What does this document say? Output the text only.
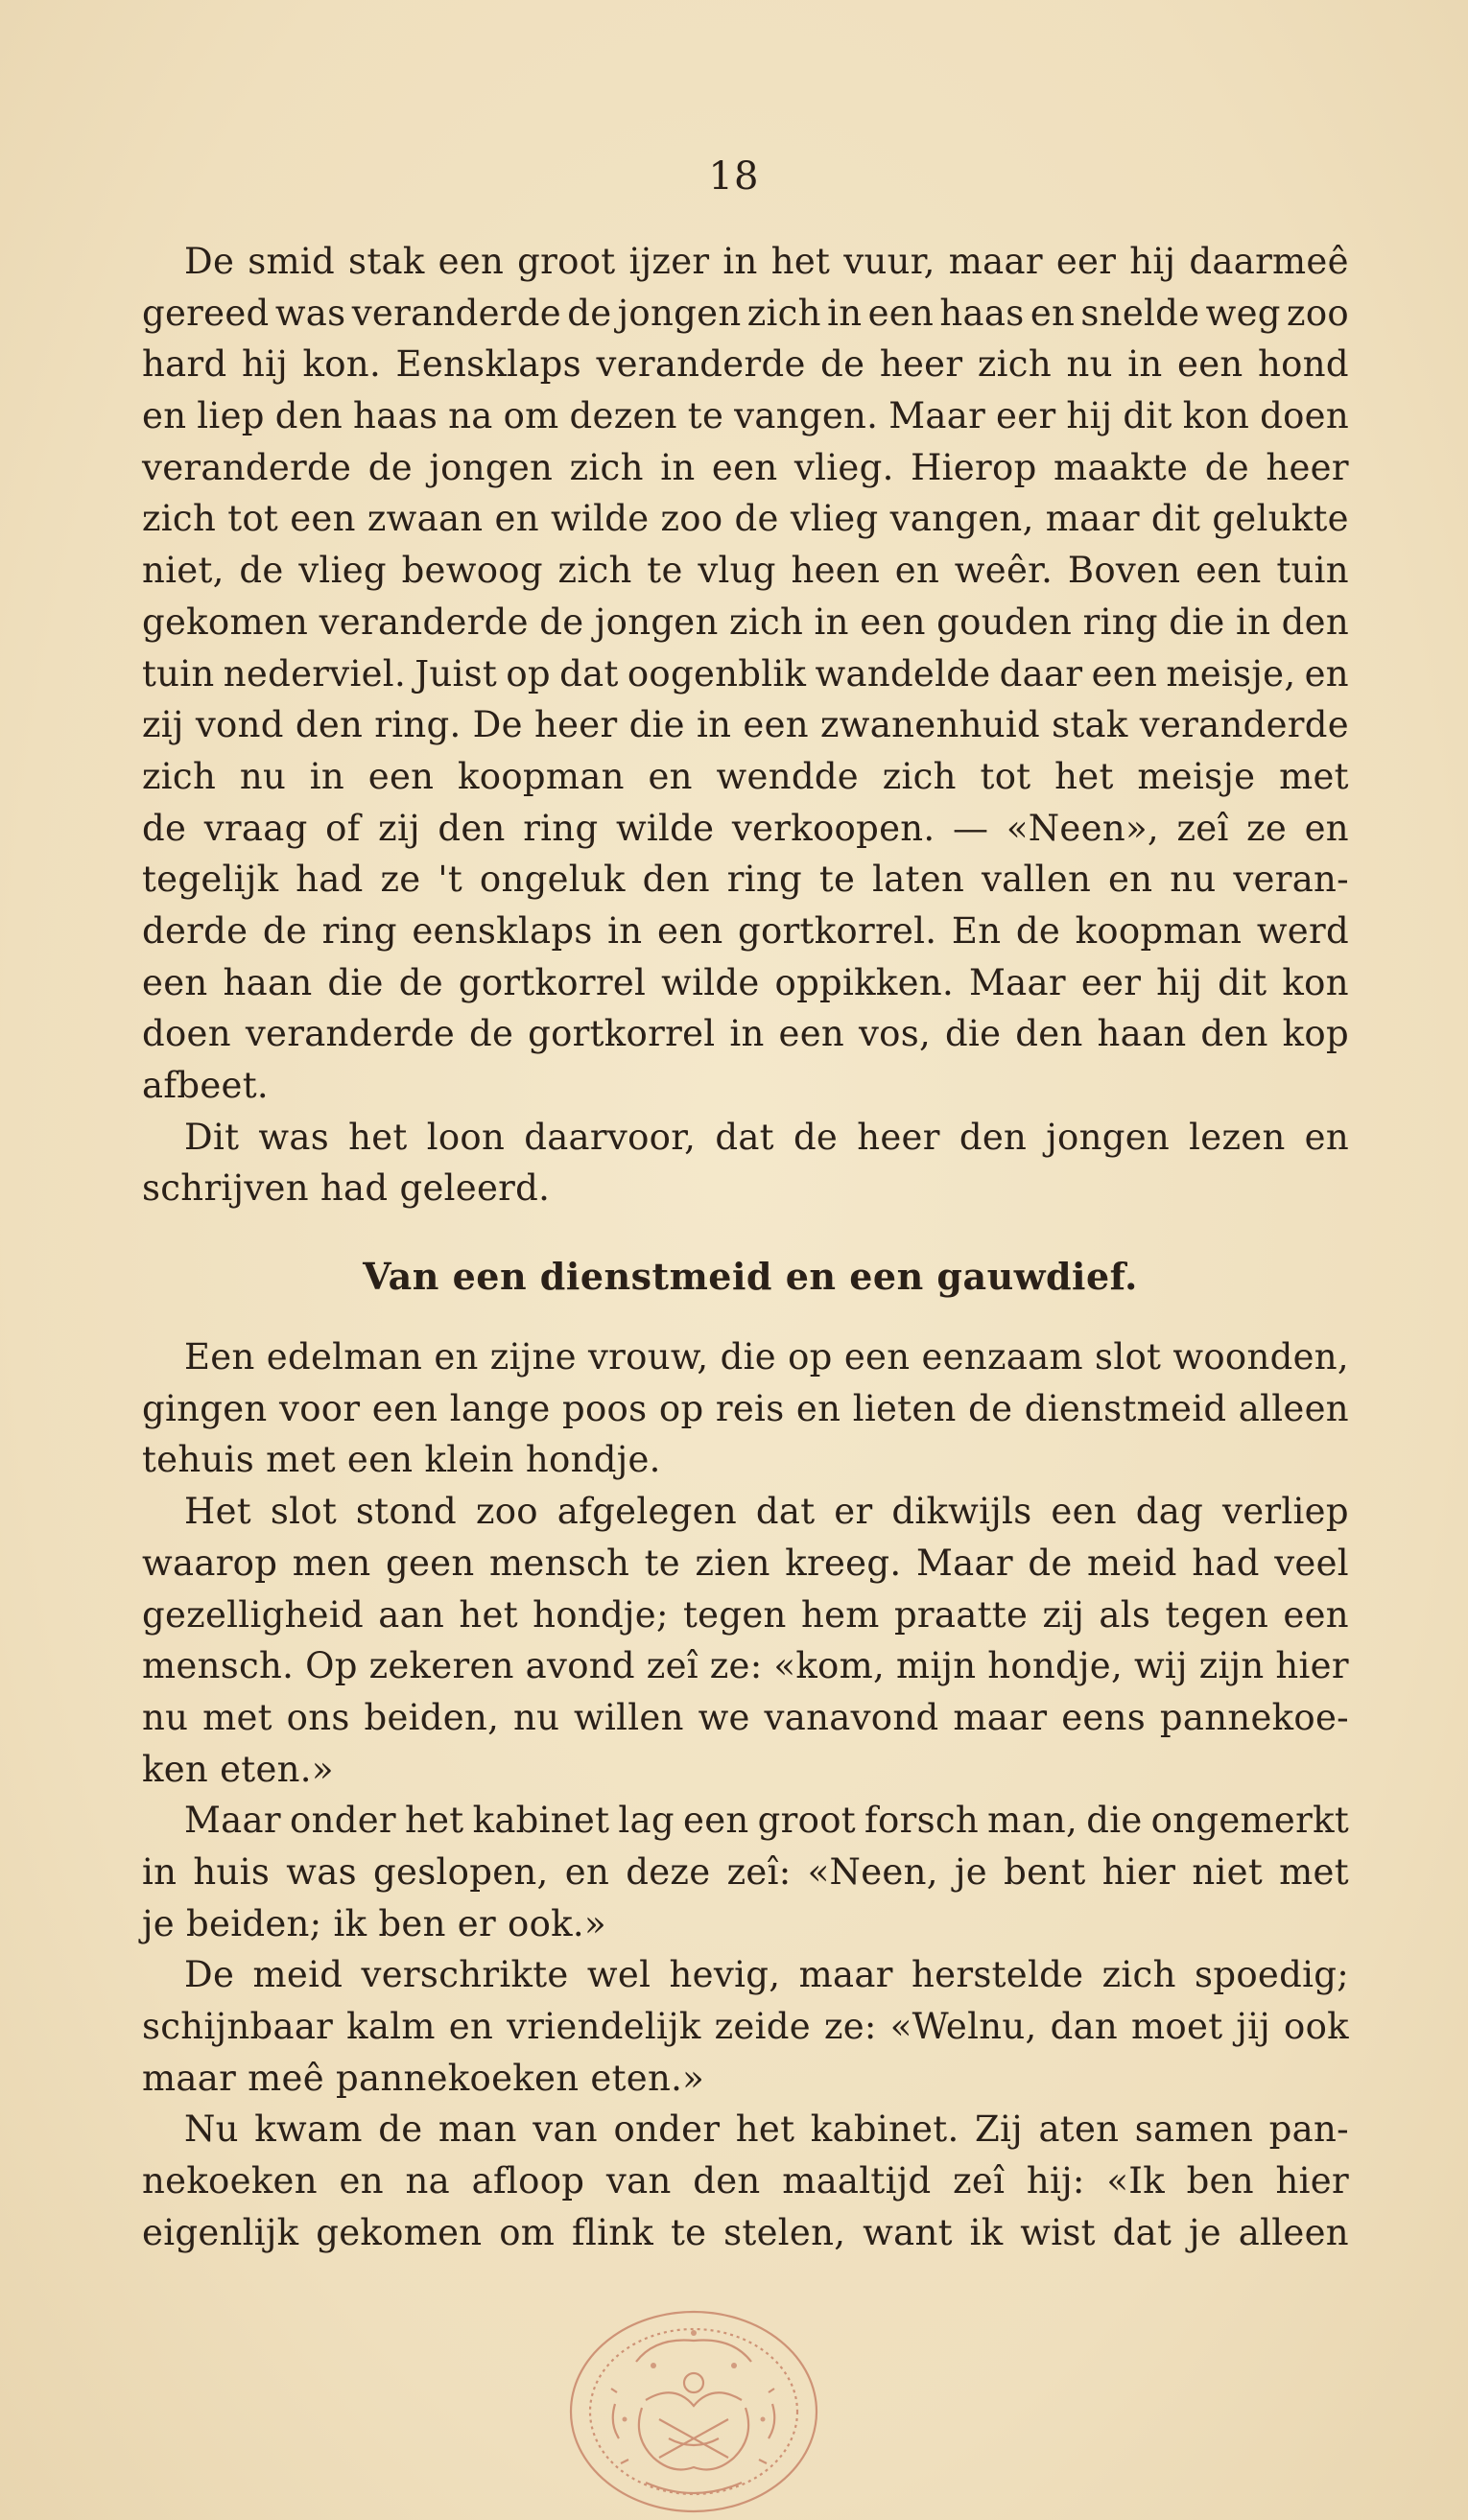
18
De smid stak een groot ijzer in het vuur, maar eer hij daarmeê
gereed was veranderde de jongen zich in een haas en snelde weg zoo
hard hij kon. Eensklaps veranderde de heer zich nu in een hond
en liep den haas na om dezen te vangen. Maar eer hij dit kon doen
veranderde de jongen zich in een vlieg. Hierop maakte de heer
zich tot een zwaan en wilde zoo de vlieg vangen, maar dit gelukte
niet, de vlieg bewoog zich te vlug heen en weêr. Boven een tuin
gekomen veranderde de jongen zich in een gouden ring die in den
tuin nederviel. Juist op dat oogenblik wandelde daar een meisje, en
zij vond den ring. De heer die in een zwanenhuid stak veranderde
zich nu in een koopman en wendde zich tot het meisje met
de vraag of zij den ring wilde verkoopen. — «Neen», zeî ze en
tegelijk had ze 't ongeluk den ring te laten vallen en nu veran-
derde de ring eensklaps in een gortkorrel. En de koopman werd
een haan die de gortkorrel wilde oppikken. Maar eer hij dit kon
doen veranderde de gortkorrel in een vos, die den haan den kop
afbeet.
Dit was het loon daarvoor, dat de heer den jongen lezen en
schrijven had geleerd.
Van een dienstmeid en een gauwdief.
Een edelman en zijne vrouw, die op een eenzaam slot woonden,
gingen voor een lange poos op reis en lieten de dienstmeid alleen
tehuis met een klein hondje.
Het slot stond zoo afgelegen dat er dikwijls een dag verliep
waarop men geen mensch te zien kreeg. Maar de meid had veel
gezelligheid aan het hondje; tegen hem praatte zij als tegen een
mensch. Op zekeren avond zeî ze: «kom, mijn hondje, wij zijn hier
nu met ons beiden, nu willen we vanavond maar eens pannekoe-
ken eten.»
Maar onder het kabinet lag een groot forsch man, die ongemerkt
in huis was geslopen, en deze zeî: «Neen, je bent hier niet met
je beiden; ik ben er ook.»
De meid verschrikte wel hevig, maar herstelde zich spoedig;
schijnbaar kalm en vriendelijk zeide ze: «Welnu, dan moet jij ook
maar meê pannekoeken eten.»
Nu kwam de man van onder het kabinet. Zij aten samen pan-
nekoeken en na afloop van den maaltijd zeî hij: «Ik ben hier
eigenlijk gekomen om flink te stelen, want ik wist dat je alleen
